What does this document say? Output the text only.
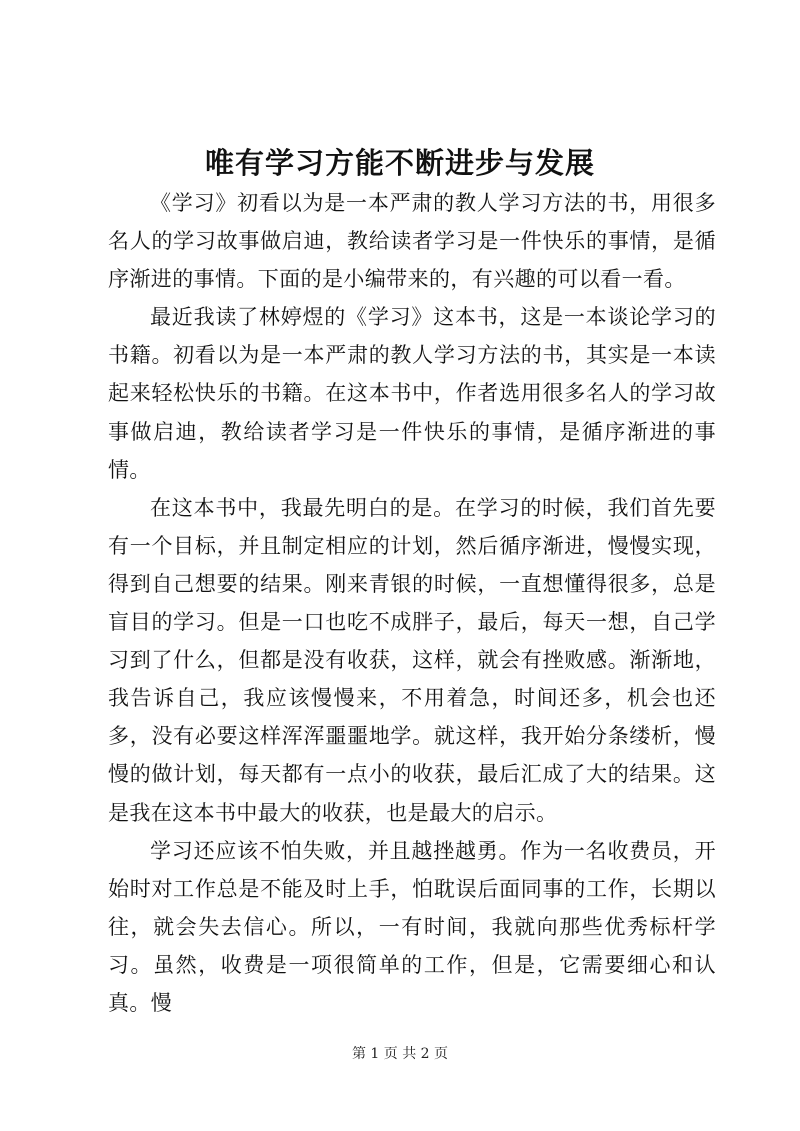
唯有学习方能不断进步与发展

《学习》初看以为是一本严肃的教人学习方法的书，用很多名人的学习故事做启迪，教给读者学习是一件快乐的事情，是循序渐进的事情。下面的是小编带来的，有兴趣的可以看一看。

最近我读了林婷煜的《学习》这本书，这是一本谈论学习的书籍。初看以为是一本严肃的教人学习方法的书，其实是一本读起来轻松快乐的书籍。在这本书中，作者选用很多名人的学习故事做启迪，教给读者学习是一件快乐的事情，是循序渐进的事情。

在这本书中，我最先明白的是。在学习的时候，我们首先要有一个目标，并且制定相应的计划，然后循序渐进，慢慢实现，得到自己想要的结果。刚来青银的时候，一直想懂得很多，总是盲目的学习。但是一口也吃不成胖子，最后，每天一想，自己学习到了什么，但都是没有收获，这样，就会有挫败感。渐渐地，我告诉自己，我应该慢慢来，不用着急，时间还多，机会也还多，没有必要这样浑浑噩噩地学。就这样，我开始分条缕析，慢慢的做计划，每天都有一点小的收获，最后汇成了大的结果。这是我在这本书中最大的收获，也是最大的启示。

学习还应该不怕失败，并且越挫越勇。作为一名收费员，开始时对工作总是不能及时上手，怕耽误后面同事的工作，长期以往，就会失去信心。所以，一有时间，我就向那些优秀标杆学习。虽然，收费是一项很简单的工作，但是，它需要细心和认真。慢

第 1 页 共 2 页
